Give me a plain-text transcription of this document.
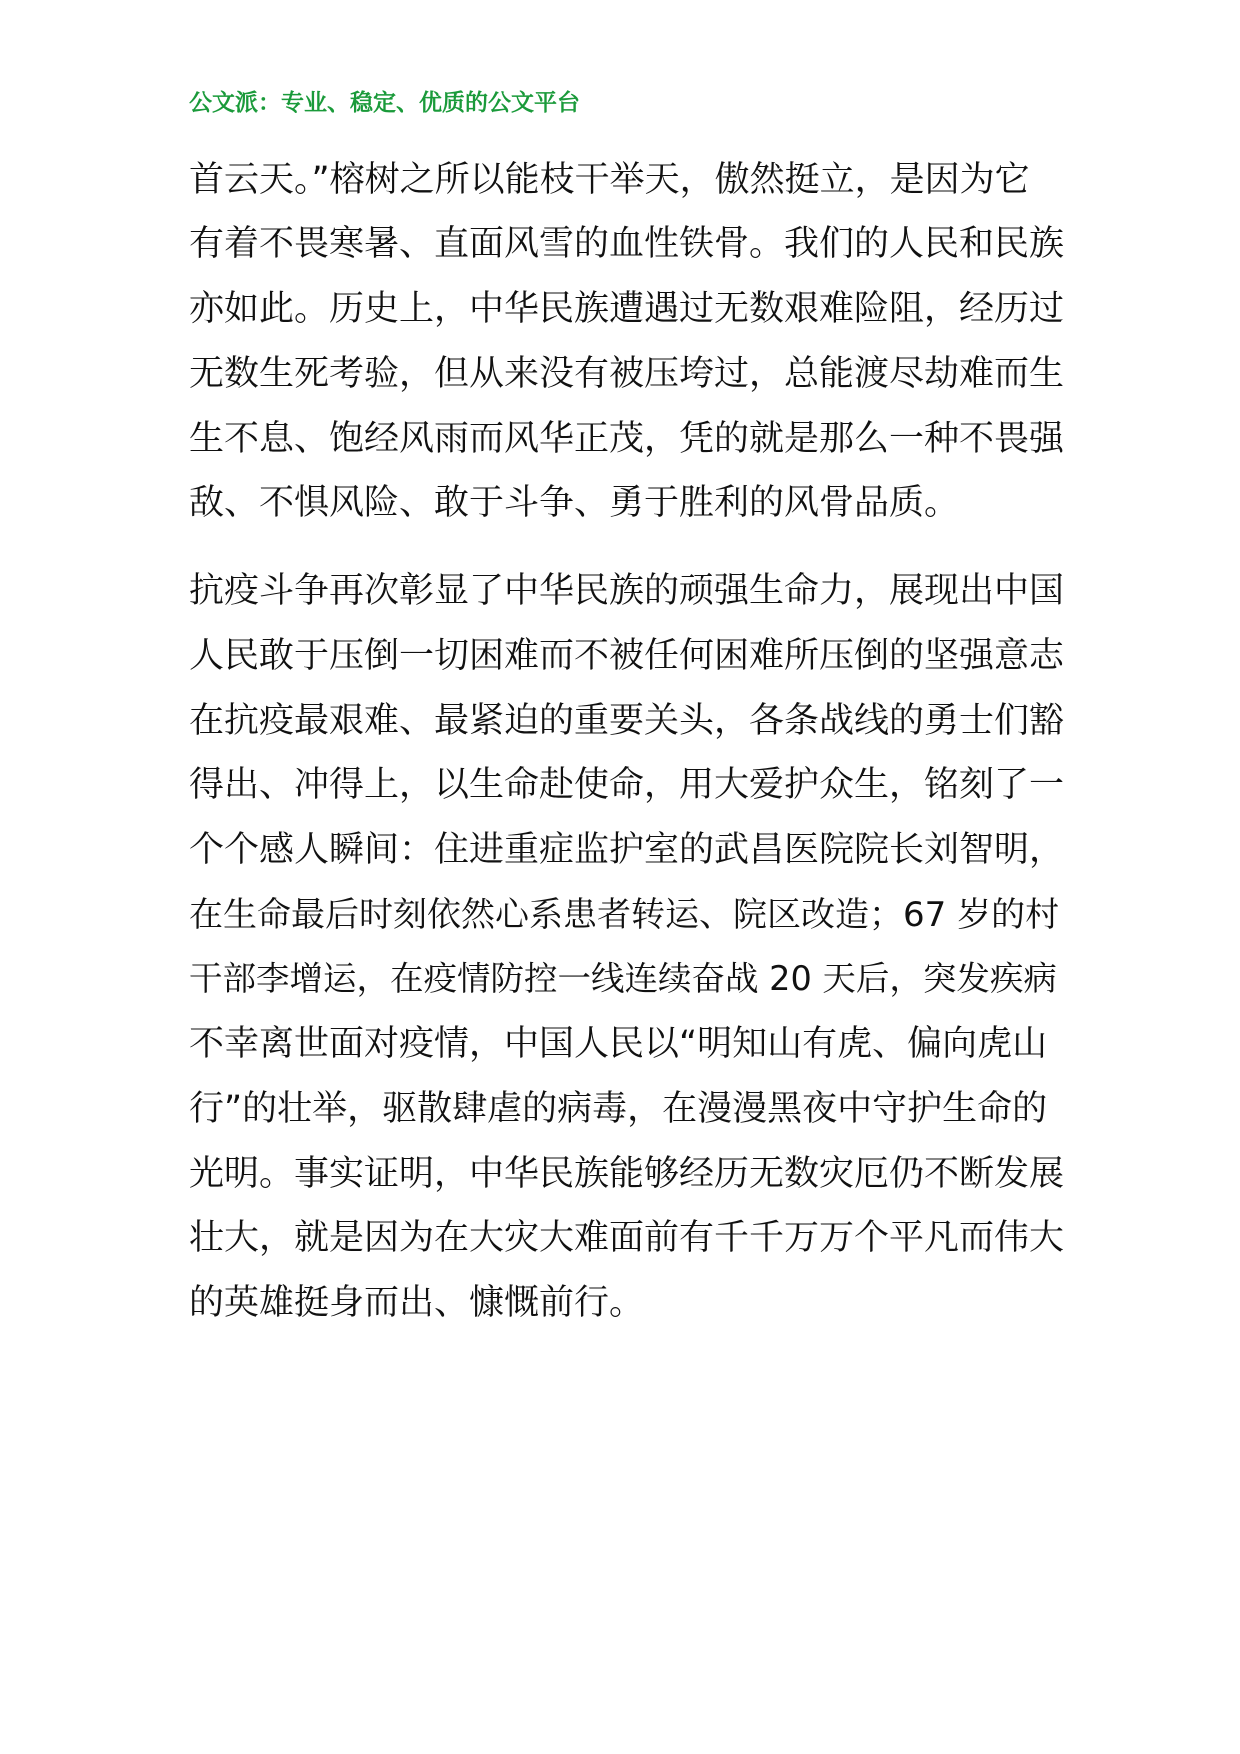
公文派：专业、稳定、优质的公文平台
首云天。”榕树之所以能枝干举天，傲然挺立，是因为它
有着不畏寒暑、直面风雪的血性铁骨。我们的人民和民族
亦如此。历史上，中华民族遭遇过无数艰难险阻，经历过
无数生死考验，但从来没有被压垮过，总能渡尽劫难而生
生不息、饱经风雨而风华正茂，凭的就是那么一种不畏强
敌、不惧风险、敢于斗争、勇于胜利的风骨品质。
抗疫斗争再次彰显了中华民族的顽强生命力，展现出中国
人民敢于压倒一切困难而不被任何困难所压倒的坚强意志
在抗疫最艰难、最紧迫的重要关头，各条战线的勇士们豁
得出、冲得上，以生命赴使命，用大爱护众生，铭刻了一
个个感人瞬间：住进重症监护室的武昌医院院长刘智明，
在生命最后时刻依然心系患者转运、院区改造；67 岁的村
干部李增运，在疫情防控一线连续奋战 20 天后，突发疾病
不幸离世面对疫情，中国人民以“明知山有虎、偏向虎山
行”的壮举，驱散肆虐的病毒，在漫漫黑夜中守护生命的
光明。事实证明，中华民族能够经历无数灾厄仍不断发展
壮大，就是因为在大灾大难面前有千千万万个平凡而伟大
的英雄挺身而出、慷慨前行。
